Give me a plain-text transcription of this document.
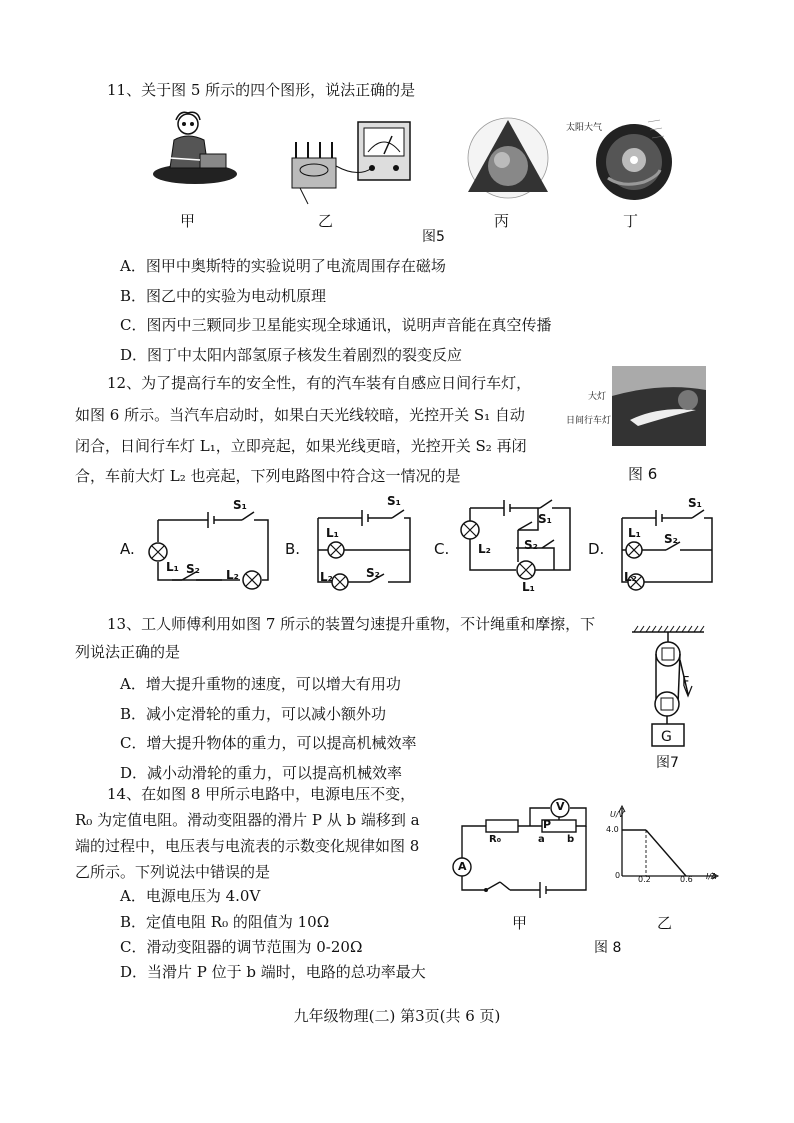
11、关于图 5 所示的四个图形，说法正确的是
甲	乙	丙
太阳大气
丁
图5
A．图甲中奥斯特的实验说明了电流周围存在磁场
B．图乙中的实验为电动机原理
C．图丙中三颗同步卫星能实现全球通讯，说明声音能在真空传播
D．图丁中太阳内部氢原子核发生着剧烈的裂变反应
12、为了提高行车的安全性，有的汽车装有自感应日间行车灯，
如图 6 所示。当汽车启动时，如果白天光线较暗，光控开关 S₁ 自动
闭合，日间行车灯 L₁，立即亮起，如果光线更暗，光控开关 S₂ 再闭
合，车前大灯 L₂ 也亮起，下列电路图中符合这一情况的是
大灯
日间行车灯
图 6
A.
S₁
L₁ S₂ L₂
B.
S₁
L₁
L₂	S₂
C.
S₁
L₂	S₂
L₁
D.
S₁
L₁ S₂
L₂
13、工人师傅利用如图 7 所示的装置匀速提升重物，不计绳重和摩擦，下
列说法正确的是
A．增大提升重物的速度，可以增大有用功
B．减小定滑轮的重力，可以减小额外功
C．增大提升物体的重力，可以提高机械效率
D．减小动滑轮的重力，可以提高机械效率
F
G
图7
14、在如图 8 甲所示电路中，电源电压不变，
R₀ 为定值电阻。滑动变阻器的滑片 P 从 b 端移到 a
端的过程中，电压表与电流表的示数变化规律如图 8
乙所示。下列说法中错误的是
A．电源电压为 4.0V
B．定值电阻 R₀ 的阻值为 10Ω
C．滑动变阻器的调节范围为 0-20Ω
D．当滑片 P 位于 b 端时，电路的总功率最大
V
A
R₀
P
a b
甲
U/V
I/A
0
4.0
0.2	0.6
乙
图 8
九年级物理(二) 第3页(共 6 页)
